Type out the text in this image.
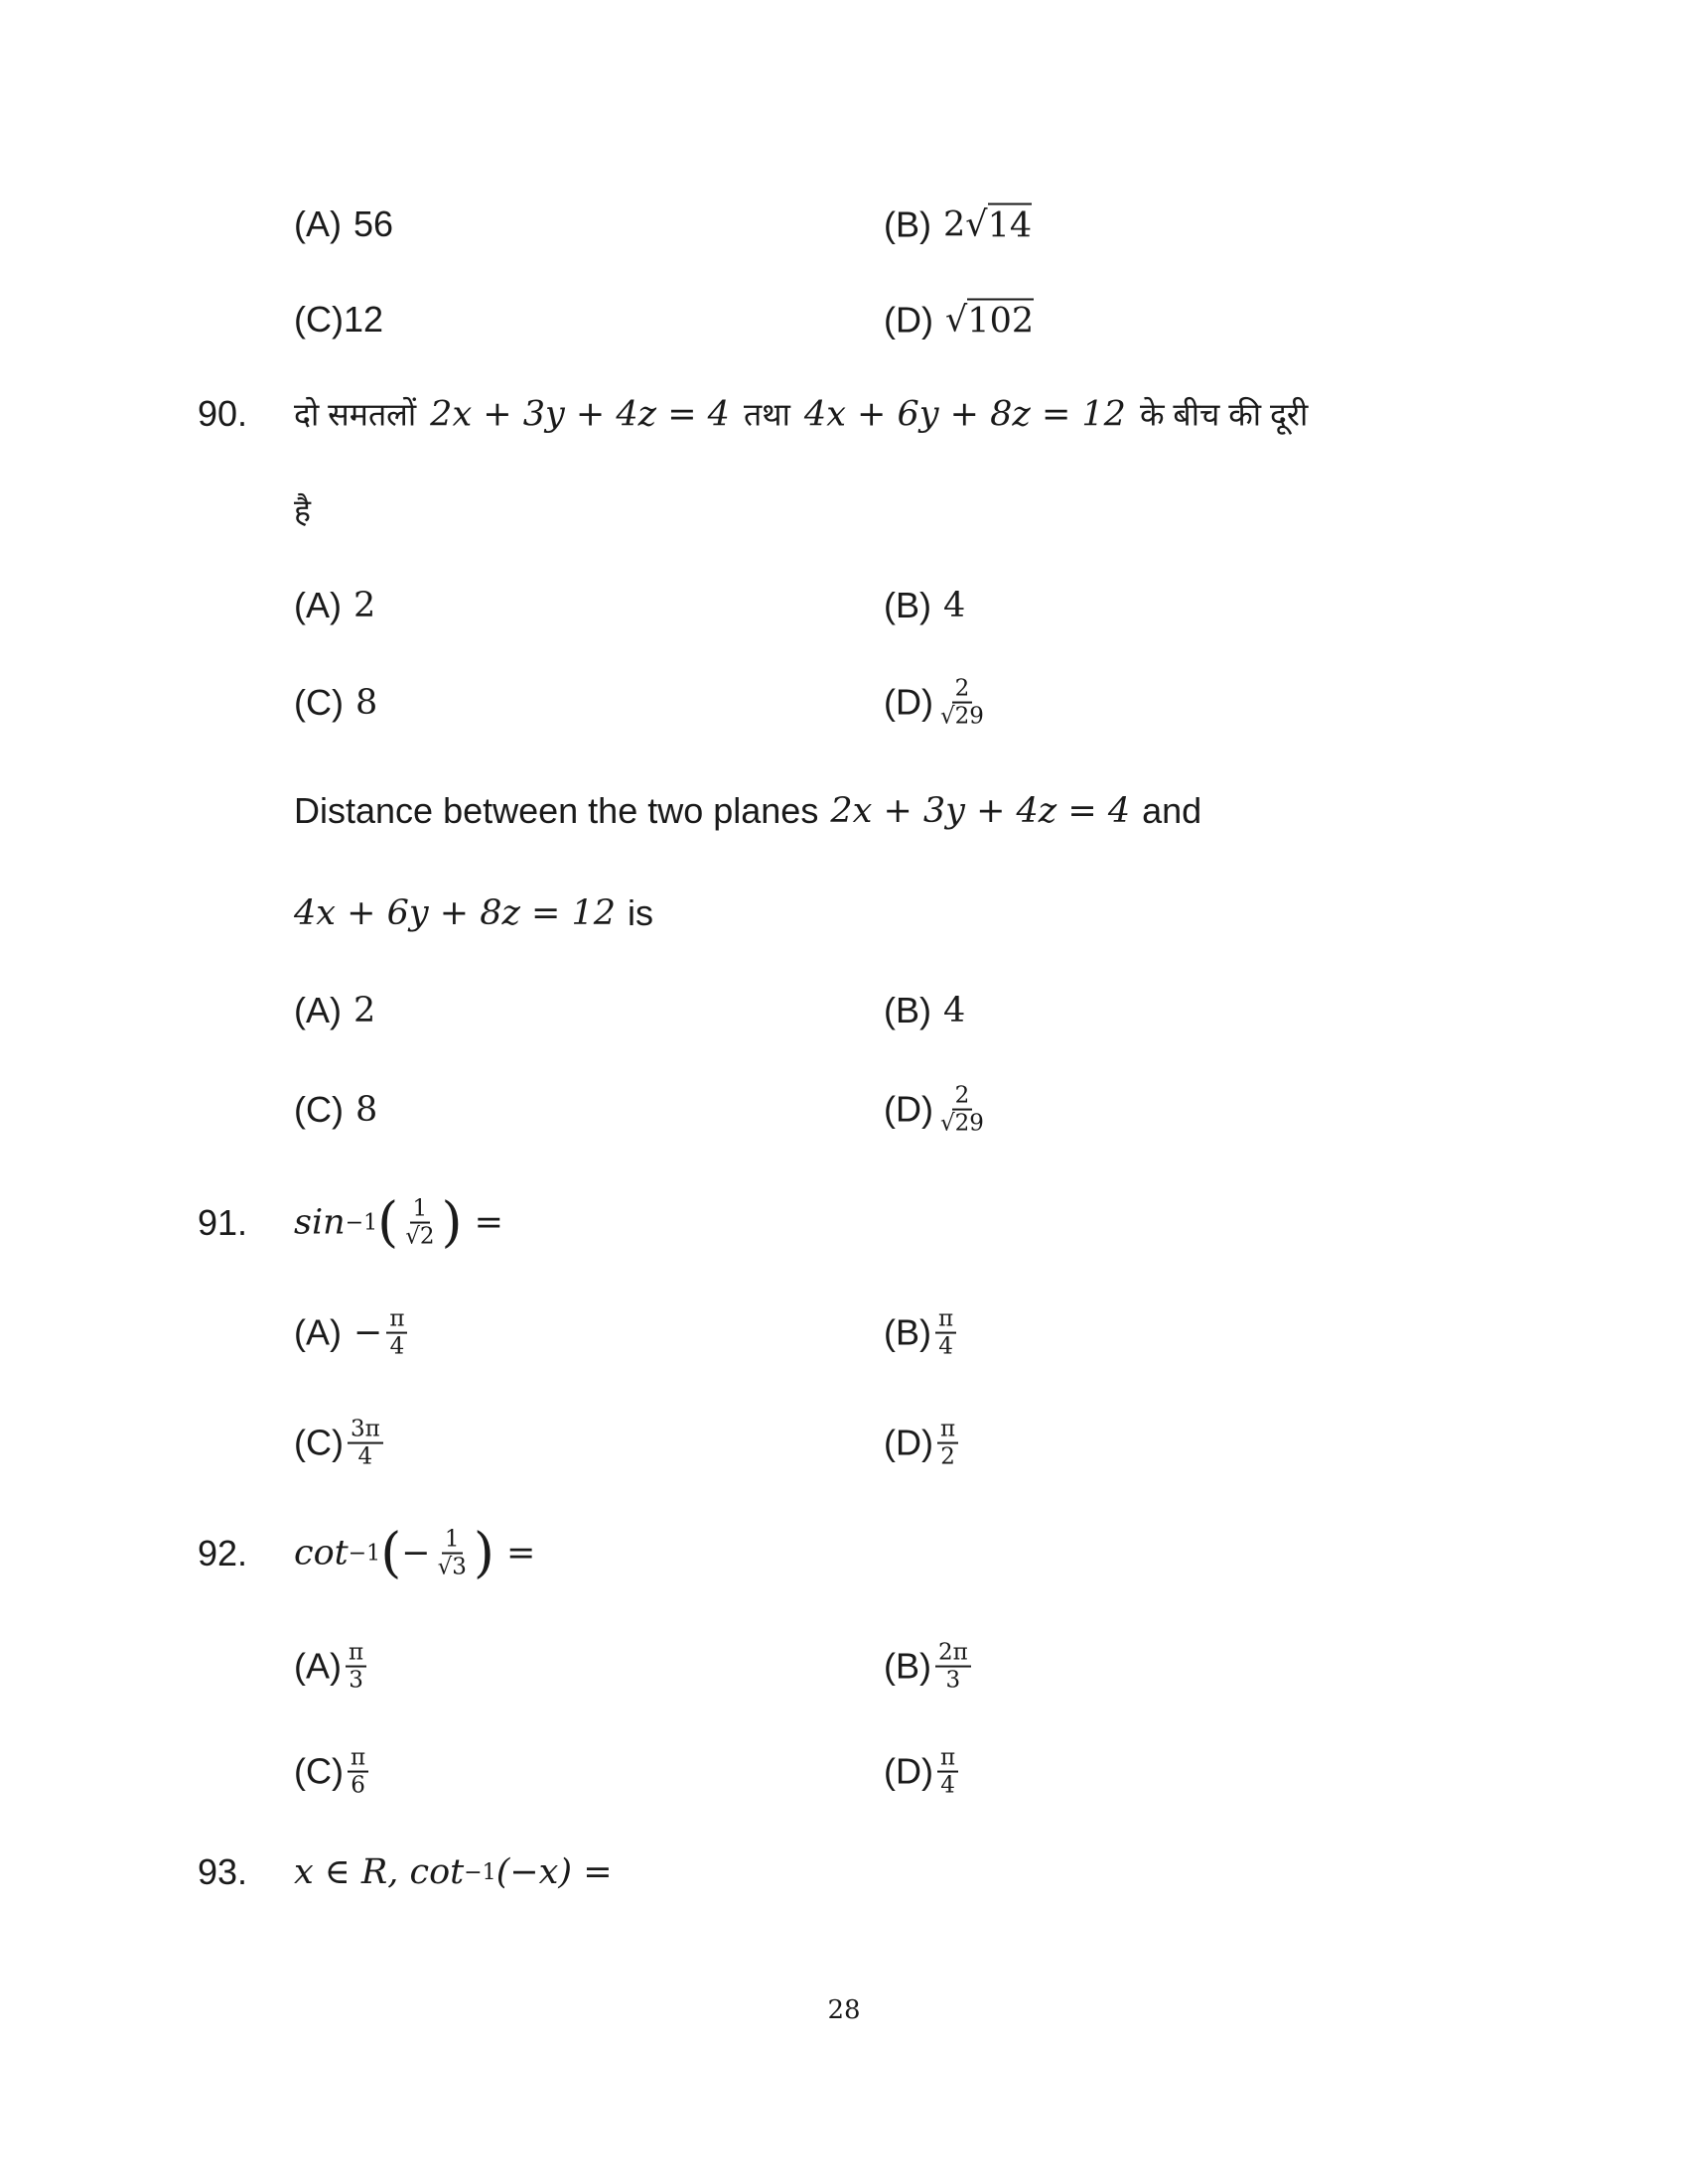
(A) 56	(B) 2√ 14
(C) 12	(D) √ 102
90. दो समतलों 2x + 3y + 4z = 4 तथा 4x + 6y + 8z = 12 के बीच की दूरी
है
(A) 2	(B) 4
(C) 8	$(D) \frac{2}{√29}$
Distance between the two planes 2x + 3y + 4z = 4 and
4x + 6y + 8z = 12 is
(A) 2	(B) 4
(C) 8	$(D) \frac{2}{√29}$
91. sin −1 ( $\frac{1}{√2}$ ) =
$(A) - \frac{\pi}{4}$	$(B) \frac{\pi}{4}$
$(C) \frac{3\pi}{4}$	$(D) \frac{\pi}{2}$
92. cot −1 ( − $\frac{1}{√3}$ ) =
$(A) \frac{\pi}{3}$	$(B) \frac{2\pi}{3}$
$(C) \frac{\pi}{6}$	$(D) \frac{\pi}{4}$
93. x ∈ R, cot −1 (−x) =
28
